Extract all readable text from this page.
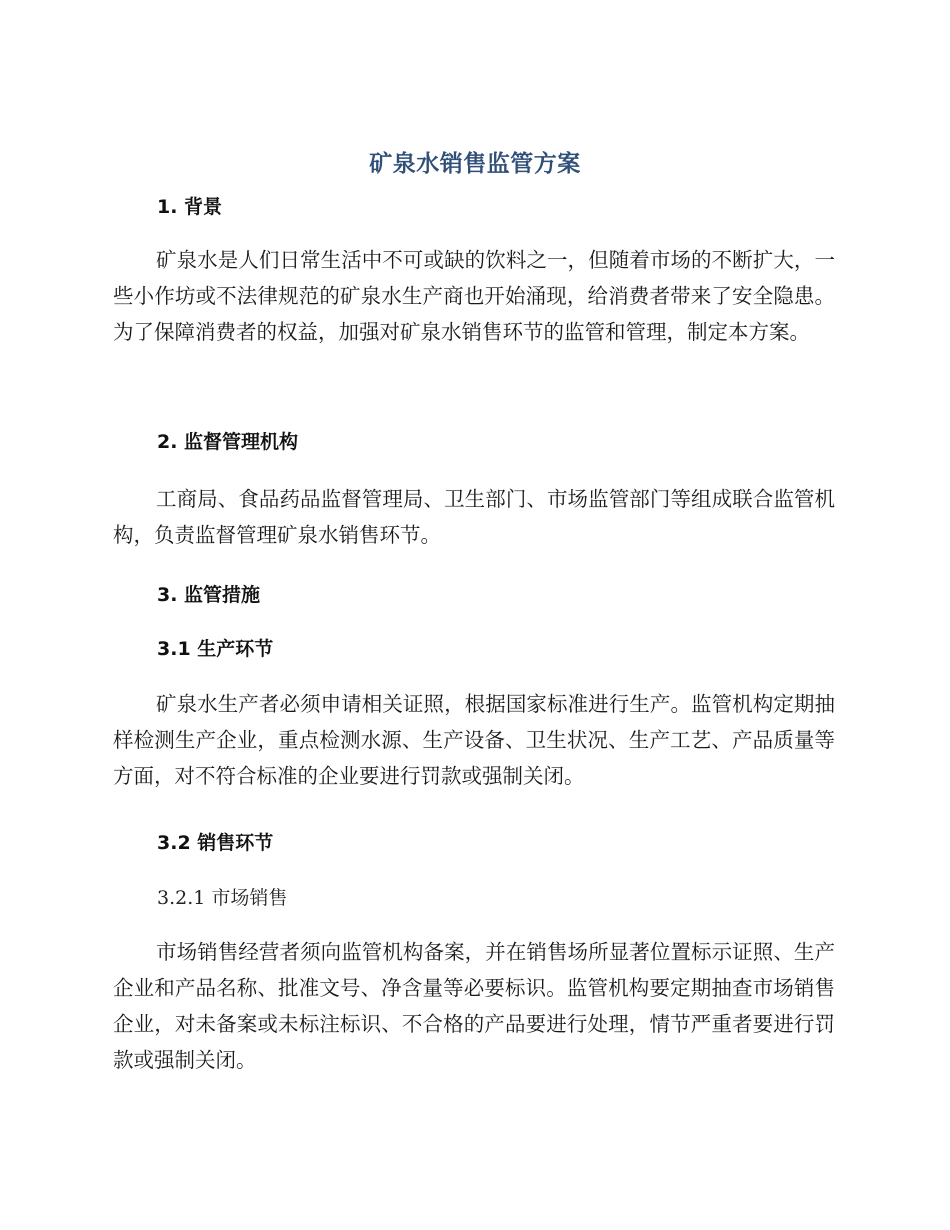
矿泉水销售监管方案
1. 背景

矿泉水是人们日常生活中不可或缺的饮料之一，但随着市场的不断扩大，一些小作坊或不法律规范的矿泉水生产商也开始涌现，给消费者带来了安全隐患。为了保障消费者的权益，加强对矿泉水销售环节的监管和管理，制定本方案。

2. 监督管理机构

工商局、食品药品监督管理局、卫生部门、市场监管部门等组成联合监管机构，负责监督管理矿泉水销售环节。

3. 监管措施
3.1 生产环节

矿泉水生产者必须申请相关证照，根据国家标准进行生产。监管机构定期抽样检测生产企业，重点检测水源、生产设备、卫生状况、生产工艺、产品质量等方面，对不符合标准的企业要进行罚款或强制关闭。

3.2 销售环节
3.2.1 市场销售

市场销售经营者须向监管机构备案，并在销售场所显著位置标示证照、生产企业和产品名称、批准文号、净含量等必要标识。监管机构要定期抽查市场销售企业，对未备案或未标注标识、不合格的产品要进行处理，情节严重者要进行罚款或强制关闭。
